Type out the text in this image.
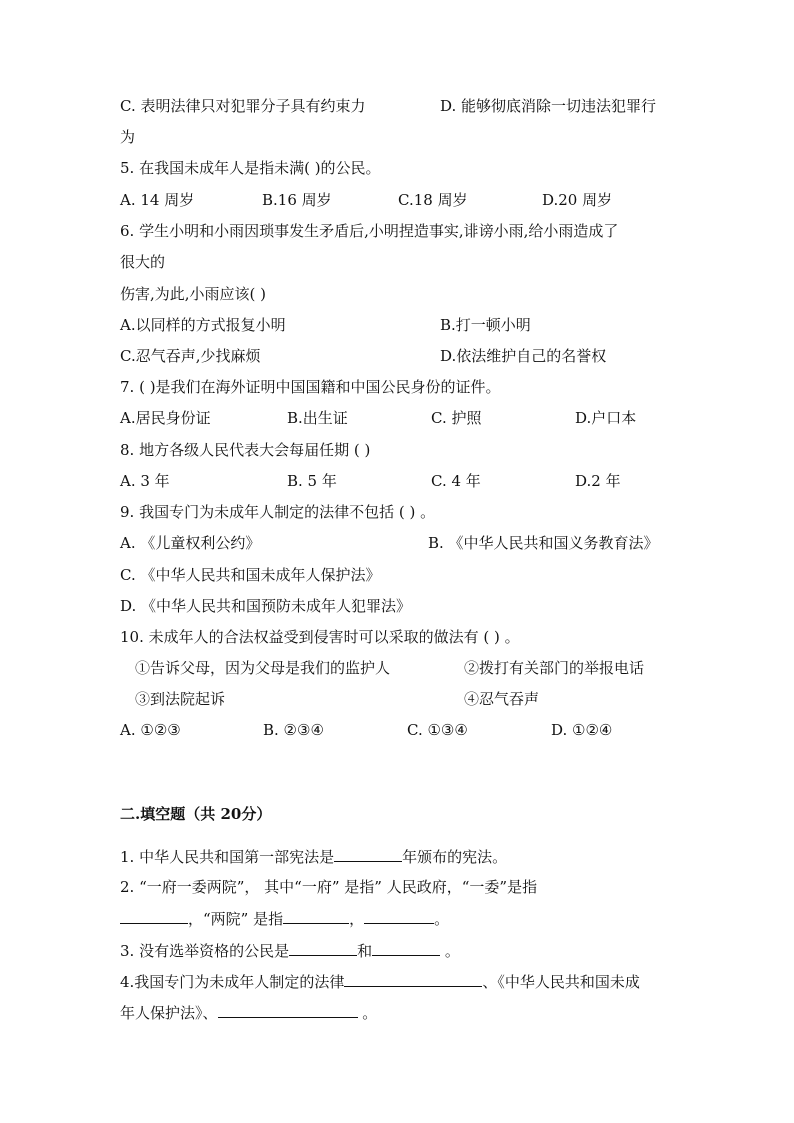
C. 表明法律只对犯罪分子具有约束力	D. 能够彻底消除一切违法犯罪行
为
5. 在我国未成年人是指未满( )的公民。
A. 14 周岁	B.16 周岁	C.18 周岁	D.20 周岁
6. 学生小明和小雨因琐事发生矛盾后,小明捏造事实,诽谤小雨,给小雨造成了
很大的
伤害,为此,小雨应该( )
A.以同样的方式报复小明	B.打一顿小明
C.忍气吞声,少找麻烦	D.依法维护自己的名誉权
7. ( )是我们在海外证明中国国籍和中国公民身份的证件。
A.居民身份证	B.出生证	C. 护照	D.户口本
8. 地方各级人民代表大会每届任期 ( )
A. 3 年	B. 5 年	C. 4 年	D.2 年
9. 我国专门为未成年人制定的法律不包括 ( ) 。
A. 《儿童权利公约》	B. 《中华人民共和国义务教育法》
C. 《中华人民共和国未成年人保护法》
D. 《中华人民共和国预防未成年人犯罪法》
10. 未成年人的合法权益受到侵害时可以采取的做法有 ( ) 。
①告诉父母，因为父母是我们的监护人	②拨打有关部门的举报电话
③到法院起诉	④忍气吞声
A. ①②③	B. ②③④	C. ①③④	D. ①②④
二.填空题（共 20分）
1. 中华人民共和国第一部宪法是	年颁布的宪法。
2. “一府一委两院”， 其中“一府” 是指” 人民政府，“一委”是指
，“两院” 是指	，	。
3. 没有选举资格的公民是	和	。
4.我国专门为未成年人制定的法律	、《中华人民共和国未成
年人保护法》、	。
